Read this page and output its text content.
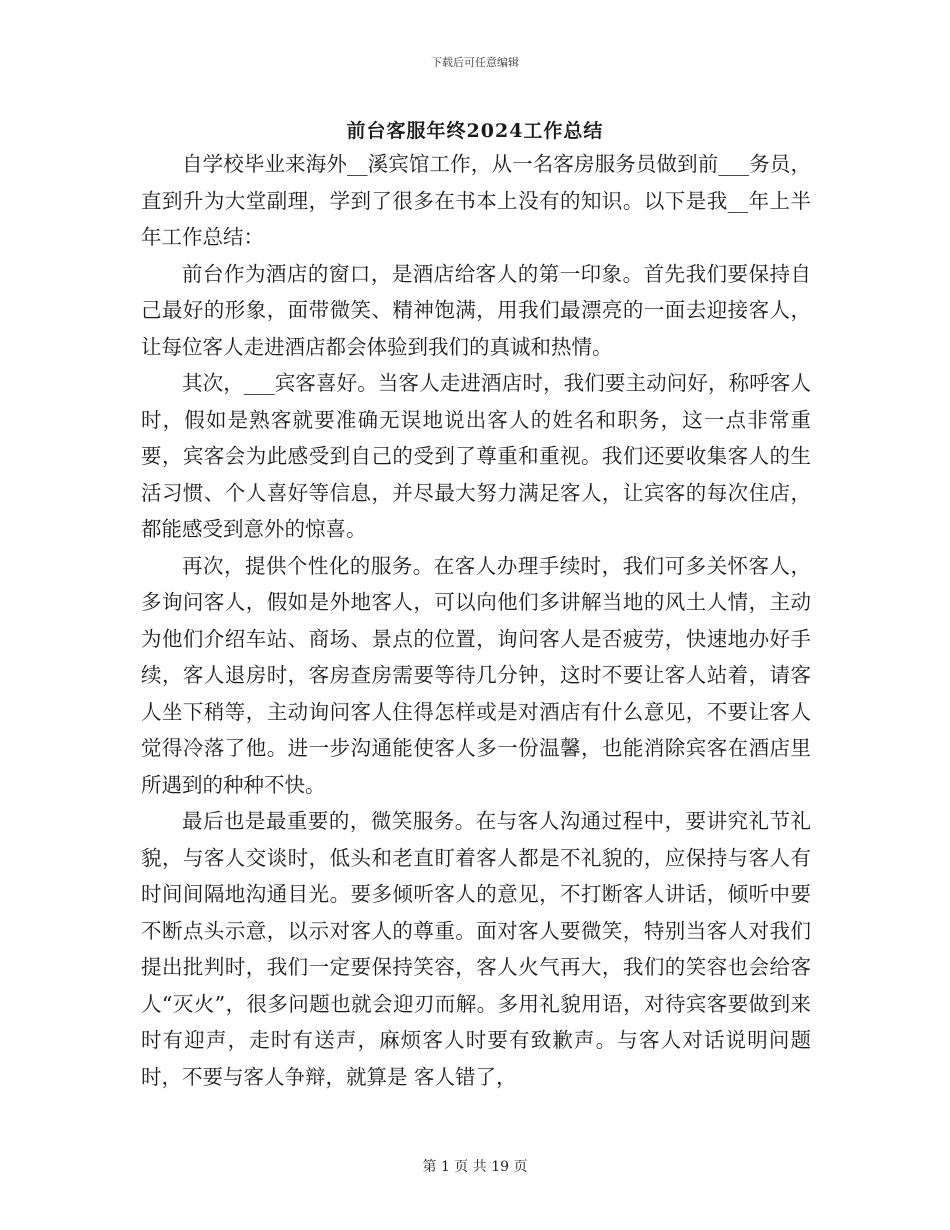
下载后可任意编辑
前台客服年终2024工作总结

自学校毕业来海外__溪宾馆工作，从一名客房服务员做到前___务员，直到升为大堂副理，学到了很多在书本上没有的知识。以下是我__年上半年工作总结：

前台作为酒店的窗口，是酒店给客人的第一印象。首先我们要保持自己最好的形象，面带微笑、精神饱满，用我们最漂亮的一面去迎接客人，让每位客人走进酒店都会体验到我们的真诚和热情。

其次，___宾客喜好。当客人走进酒店时，我们要主动问好，称呼客人时，假如是熟客就要准确无误地说出客人的姓名和职务，这一点非常重要，宾客会为此感受到自己的受到了尊重和重视。我们还要收集客人的生活习惯、个人喜好等信息，并尽最大努力满足客人，让宾客的每次住店，都能感受到意外的惊喜。

再次，提供个性化的服务。在客人办理手续时，我们可多关怀客人，多询问客人，假如是外地客人，可以向他们多讲解当地的风土人情，主动为他们介绍车站、商场、景点的位置，询问客人是否疲劳，快速地办好手续，客人退房时，客房查房需要等待几分钟，这时不要让客人站着，请客人坐下稍等，主动询问客人住得怎样或是对酒店有什么意见，不要让客人觉得冷落了他。进一步沟通能使客人多一份温馨，也能消除宾客在酒店里所遇到的种种不快。

最后也是最重要的，微笑服务。在与客人沟通过程中，要讲究礼节礼貌，与客人交谈时，低头和老直盯着客人都是不礼貌的，应保持与客人有时间间隔地沟通目光。要多倾听客人的意见，不打断客人讲话，倾听中要不断点头示意，以示对客人的尊重。面对客人要微笑，特别当客人对我们提出批判时，我们一定要保持笑容，客人火气再大，我们的笑容也会给客人“灭火”，很多问题也就会迎刃而解。多用礼貌用语，对待宾客要做到来时有迎声，走时有送声，麻烦客人时要有致歉声。与客人对话说明问题时，不要与客人争辩，就算是 客人错了，

第 1 页 共 19 页
